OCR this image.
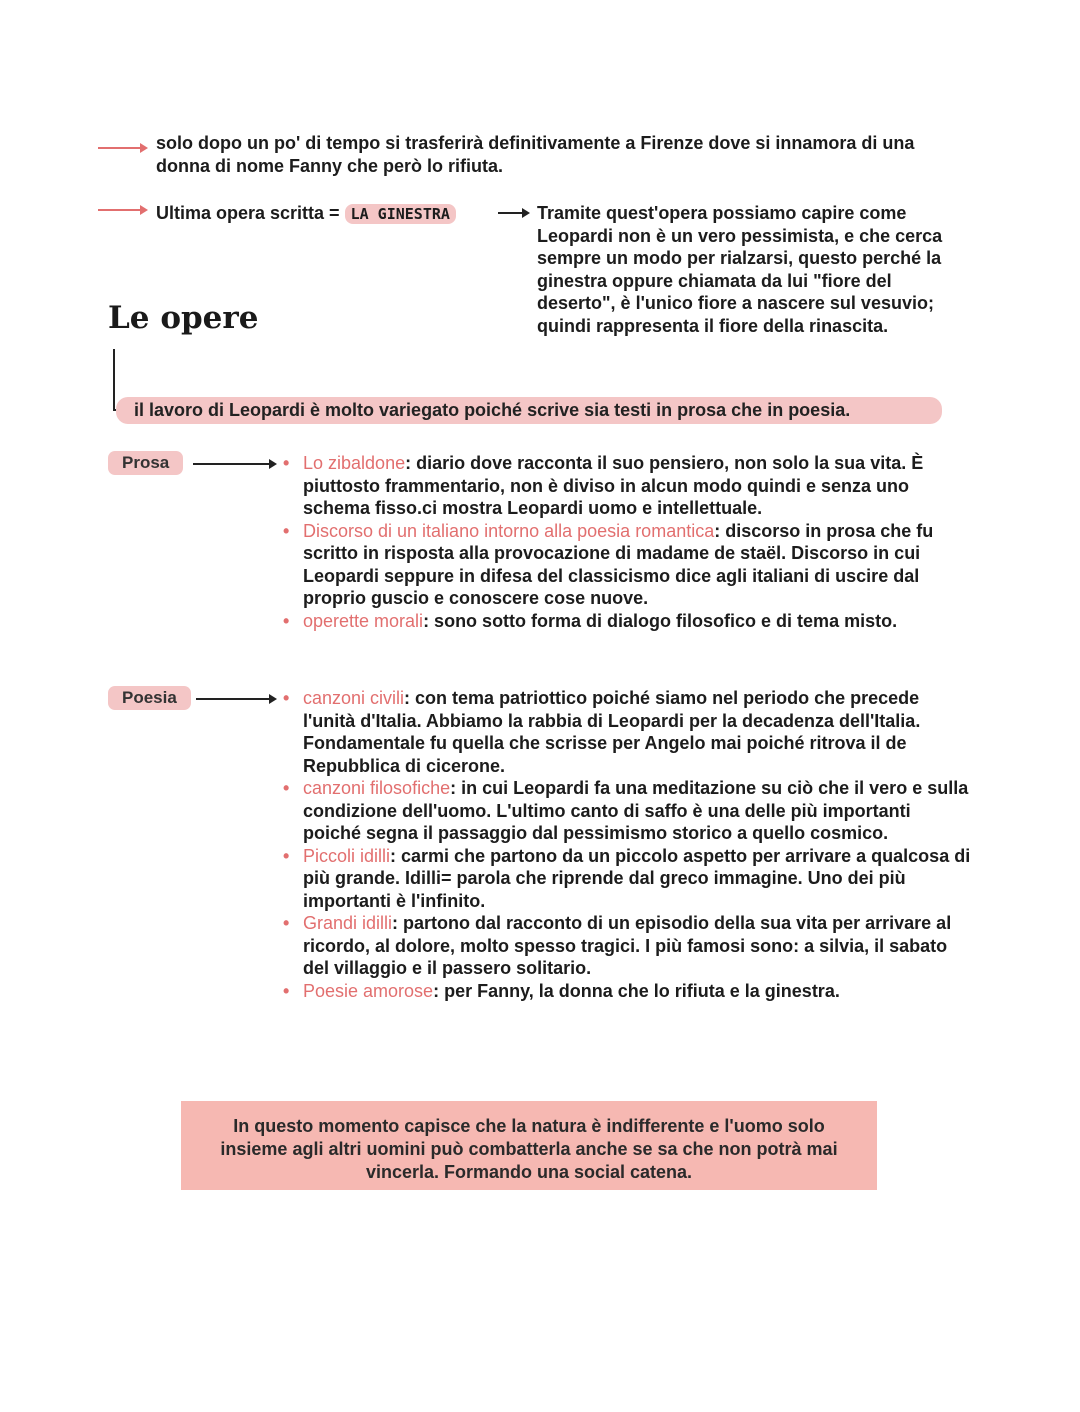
solo dopo un po' di tempo si trasferirà definitivamente a Firenze dove si innamora di una donna di nome Fanny che però lo rifiuta.
Ultima opera scritta = LA GINESTRA	Tramite quest'opera possiamo capire come Leopardi non è un vero pessimista, e che cerca sempre un modo per rialzarsi, questo perché la ginestra oppure chiamata da lui "fiore del deserto", è l'unico fiore a nascere sul vesuvio; quindi rappresenta il fiore della rinascita.
Le opere
il lavoro di Leopardi è molto variegato poiché scrive sia testi in prosa che in poesia.
Prosa	• Lo zibaldone: diario dove racconta il suo pensiero, non solo la sua vita. È piuttosto frammentario, non è diviso in alcun modo quindi e senza uno schema fisso.ci mostra Leopardi uomo e intellettuale.
• Discorso di un italiano intorno alla poesia romantica: discorso in prosa che fu scritto in risposta alla provocazione di madame de staël. Discorso in cui Leopardi seppure in difesa del classicismo dice agli italiani di uscire dal proprio guscio e conoscere cose nuove.
• operette morali: sono sotto forma di dialogo filosofico e di tema misto.
Poesia	• canzoni civili: con tema patriottico poiché siamo nel periodo che precede l'unità d'Italia. Abbiamo la rabbia di Leopardi per la decadenza dell'Italia. Fondamentale fu quella che scrisse per Angelo mai poiché ritrova il de Repubblica di cicerone.
• canzoni filosofiche: in cui Leopardi fa una meditazione su ciò che il vero e sulla condizione dell'uomo. L'ultimo canto di saffo è una delle più importanti poiché segna il passaggio dal pessimismo storico a quello cosmico.
• Piccoli idilli: carmi che partono da un piccolo aspetto per arrivare a qualcosa di più grande. Idilli= parola che riprende dal greco immagine. Uno dei più importanti è l'infinito.
• Grandi idilli: partono dal racconto di un episodio della sua vita per arrivare al ricordo, al dolore, molto spesso tragici. I più famosi sono: a silvia, il sabato del villaggio e il passero solitario.
• Poesie amorose: per Fanny, la donna che lo rifiuta e la ginestra.
In questo momento capisce che la natura è indifferente e l'uomo solo insieme agli altri uomini può combatterla anche se sa che non potrà mai vincerla. Formando una social catena.
